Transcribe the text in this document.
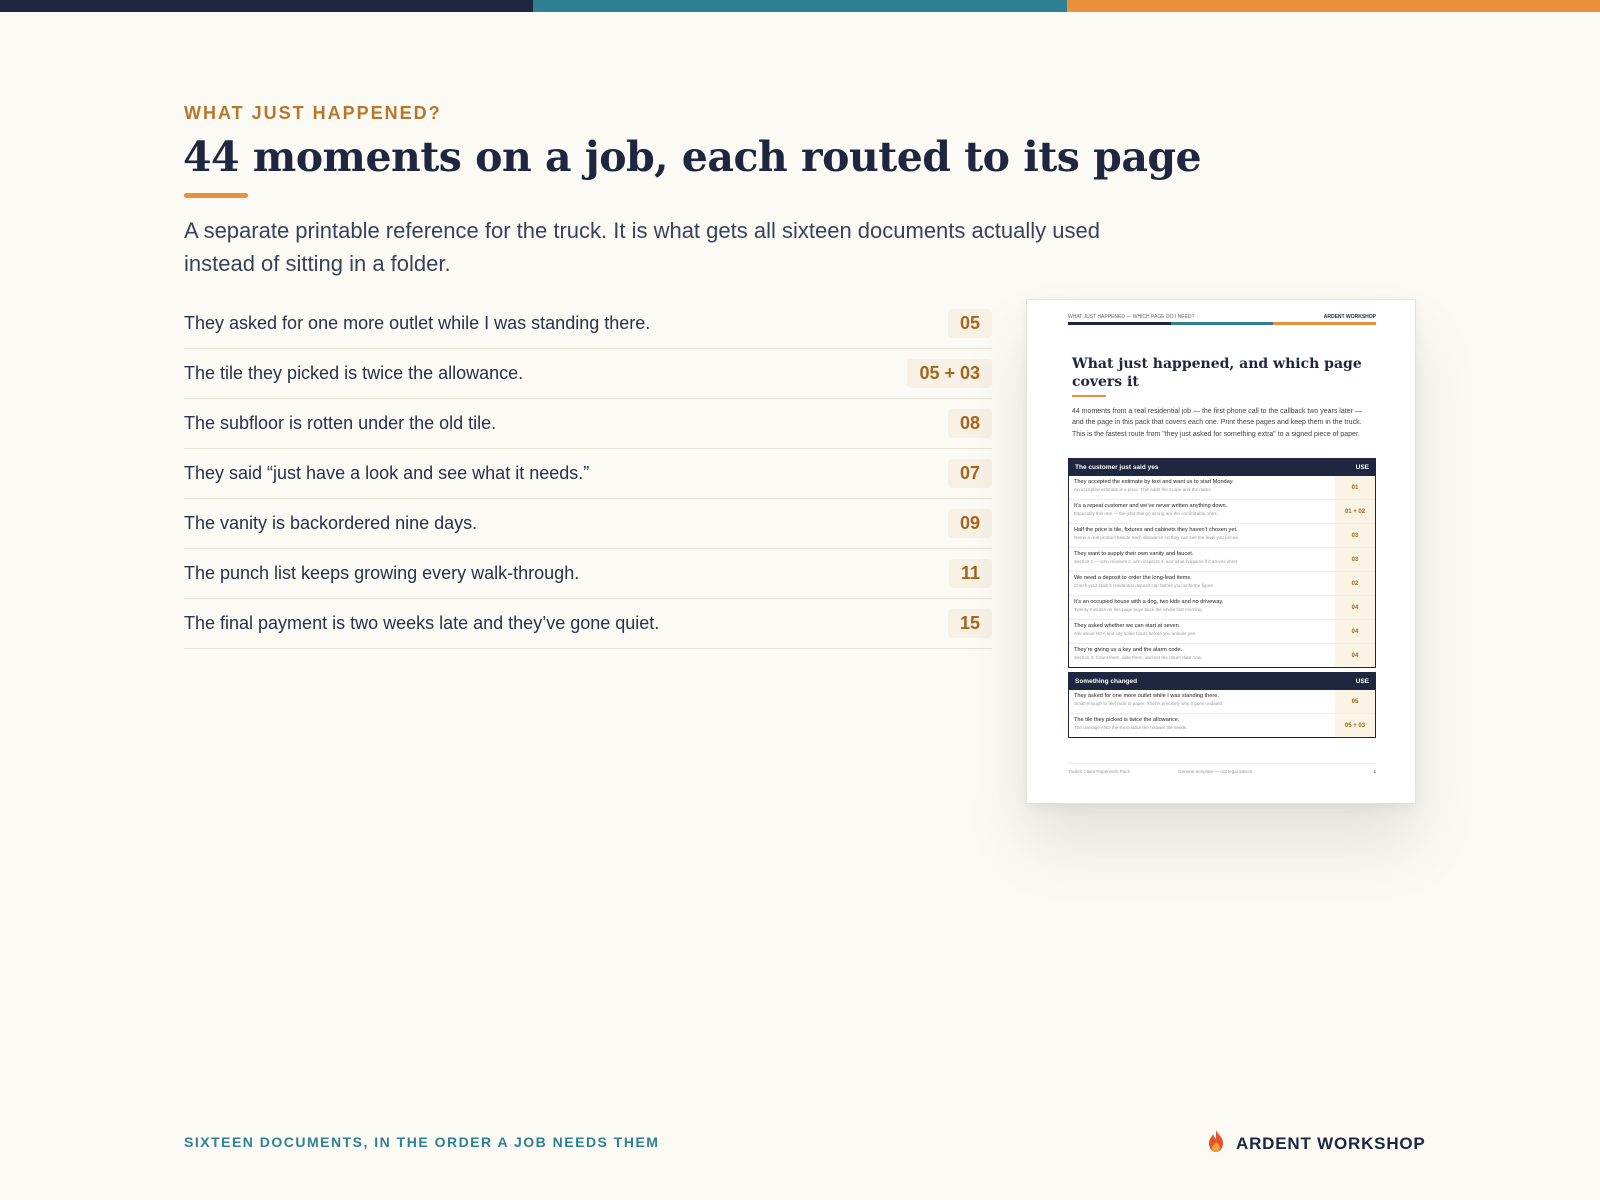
WHAT JUST HAPPENED?
44 moments on a job, each routed to its page

A separate printable reference for the truck. It is what gets all sixteen documents actually used instead of sitting in a folder.

They asked for one more outlet while I was standing there.	05
The tile they picked is twice the allowance.	05 + 03
The subfloor is rotten under the old tile.	08
They said “just have a look and see what it needs.”	07
The vanity is backordered nine days.	09
The punch list keeps growing every walk-through.	11
The final payment is two weeks late and they’ve gone quiet.	15
WHAT JUST HAPPENED — WHICH PAGE DO I NEED?	ARDENT WORKSHOP
What just happened, and which page covers it
44 moments from a real residential job — the first phone call to the callback two years later — and the page in this pack that covers each one. Print these pages and keep them in the truck. This is the fastest route from "they just asked for something extra" to a signed piece of paper.
The customer just said yes	USE
They accepted the estimate by text and want us to start Monday.
An accepted estimate is a price. This adds the scope and the dates.	01
It’s a repeat customer and we’ve never written anything down.
Especially this one — the jobs that go wrong are the comfortable ones.	01 + 02
Half the price is tile, fixtures and cabinets they haven’t chosen yet.
Name a real product beside each allowance so they can see the level you priced.	03
They want to supply their own vanity and faucet.
Section 2 — who receives it, who inspects it, and what happens if it arrives short.	03
We need a deposit to order the long-lead items.
Check your state’s residential deposit cap before you write the figure.	02
It’s an occupied house with a dog, two kids and no driveway.
Twenty minutes on this page buys back the whole first morning.	04
They asked whether we can start at seven.
Ask about HOA and city noise hours before you answer yes.	04
They’re giving us a key and the alarm code.
Section 3. Count them, date them, and set the return date now.	04
Something changed	USE
They asked for one more outlet while I was standing there.
Small enough to feel rude to paper. That is precisely why it goes undated.	05
The tile they picked is twice the allowance.
The overage AND the extra labor the heavier tile needs.	05 + 03
Trades Client Paperwork Pack	General template — not legal advice.	1
SIXTEEN DOCUMENTS, IN THE ORDER A JOB NEEDS THEM	ARDENT WORKSHOP
